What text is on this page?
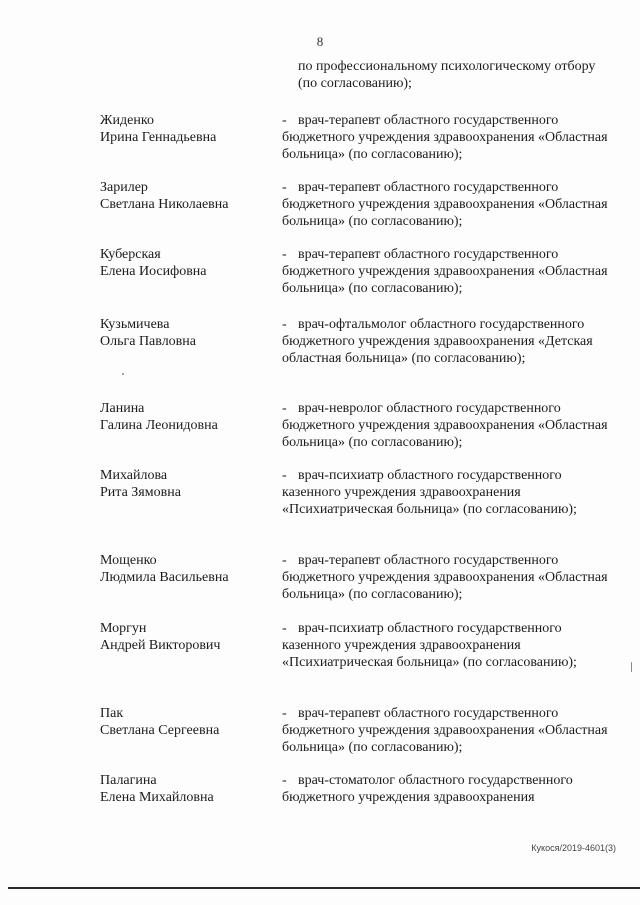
8
по профессиональному психологическому отбору (по согласованию);
Жиденко
Ирина Геннадьевна
врач-терапевт областного государственного бюджетного учреждения здравоохранения «Областная больница» (по согласованию);
-
Зарилер
Светлана Николаевна
врач-терапевт областного государственного бюджетного учреждения здравоохранения «Областная больница» (по согласованию);
-
Куберская
Елена Иосифовна
врач-терапевт областного государственного бюджетного учреждения здравоохранения «Областная больница» (по согласованию);
-
Кузьмичева
Ольга Павловна
врач-офтальмолог областного государственного бюджетного учреждения здравоохранения «Детская областная больница» (по согласованию);
-
Ланина
Галина Леонидовна
врач-невролог областного государственного бюджетного учреждения здравоохранения «Областная больница» (по согласованию);
-
Михайлова
Рита Зямовна
врач-психиатр областного государственного казенного учреждения здравоохранения «Психиатрическая больница» (по согласованию);
-
Мощенко
Людмила Васильевна
врач-терапевт областного государственного бюджетного учреждения здравоохранения «Областная больница» (по согласованию);
-
Моргун
Андрей Викторович
врач-психиатр областного государственного казенного учреждения здравоохранения «Психиатрическая больница» (по согласованию);
-
Пак
Светлана Сергеевна
врач-терапевт областного государственного бюджетного учреждения здравоохранения «Областная больница» (по согласованию);
-
Палагина
Елена Михайловна
врач-стоматолог областного государственного бюджетного учреждения здравоохранения
-
Кукося/2019-4601(3)
